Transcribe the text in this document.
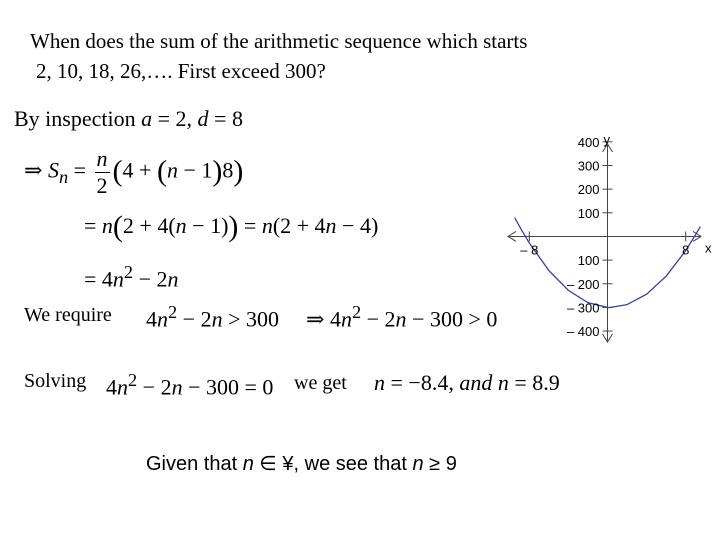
When does the sum of the arithmetic sequence which starts
2, 10, 18, 26,…. First exceed 300?
By inspection a = 2, d = 8
⇒ $S_n = \frac{n}{2} (4 + (n - 1)8)$
= n(2 + 4(n − 1)) = n(2 + 4n − 4)
= $4n^2 - 2n$
We require $4n^2 - 2n > 300$ ⇒ $4n^2 - 2n - 300 > 0$
Solving $4n^2 - 2n - 300 = 0$ we get n = −8.4, and n = 8.9
Given that n ∈ ¥, we see that n ≥ 9
400
300
200
100
100
– 200
– 300
– 400
– 8	8
y
x
